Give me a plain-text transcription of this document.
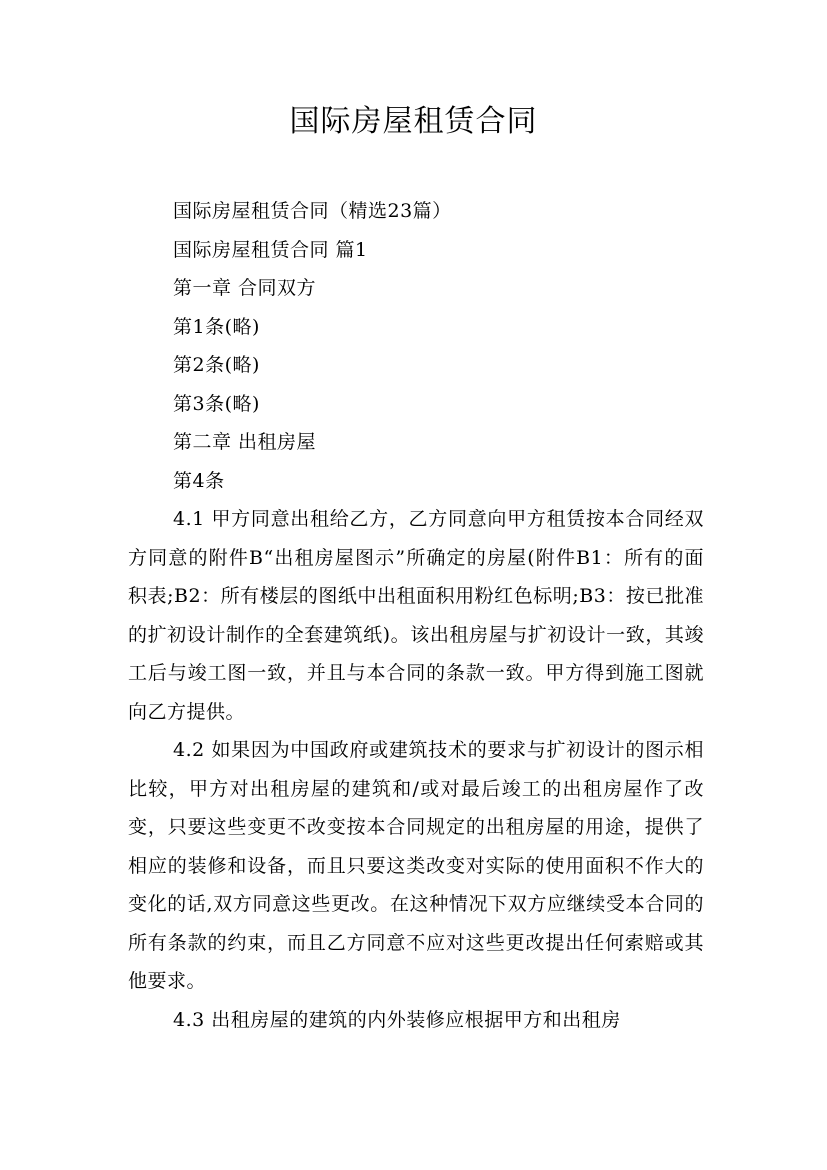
国际房屋租赁合同
国际房屋租赁合同（精选23篇）
国际房屋租赁合同 篇1
第一章 合同双方
第1条(略)
第2条(略)
第3条(略)
第二章 出租房屋
第4条

4.1 甲方同意出租给乙方，乙方同意向甲方租赁按本合同经双方同意的附件B“出租房屋图示”所确定的房屋(附件B1：所有的面积表;B2：所有楼层的图纸中出租面积用粉红色标明;B3：按已批准的扩初设计制作的全套建筑纸)。该出租房屋与扩初设计一致，其竣工后与竣工图一致，并且与本合同的条款一致。甲方得到施工图就向乙方提供。

4.2 如果因为中国政府或建筑技术的要求与扩初设计的图示相比较，甲方对出租房屋的建筑和/或对最后竣工的出租房屋作了改变，只要这些变更不改变按本合同规定的出租房屋的用途，提供了相应的装修和设备，而且只要这类改变对实际的使用面积不作大的变化的话,双方同意这些更改。在这种情况下双方应继续受本合同的所有条款的约束，而且乙方同意不应对这些更改提出任何索赔或其他要求。

4.3 出租房屋的建筑的内外装修应根据甲方和出租房
